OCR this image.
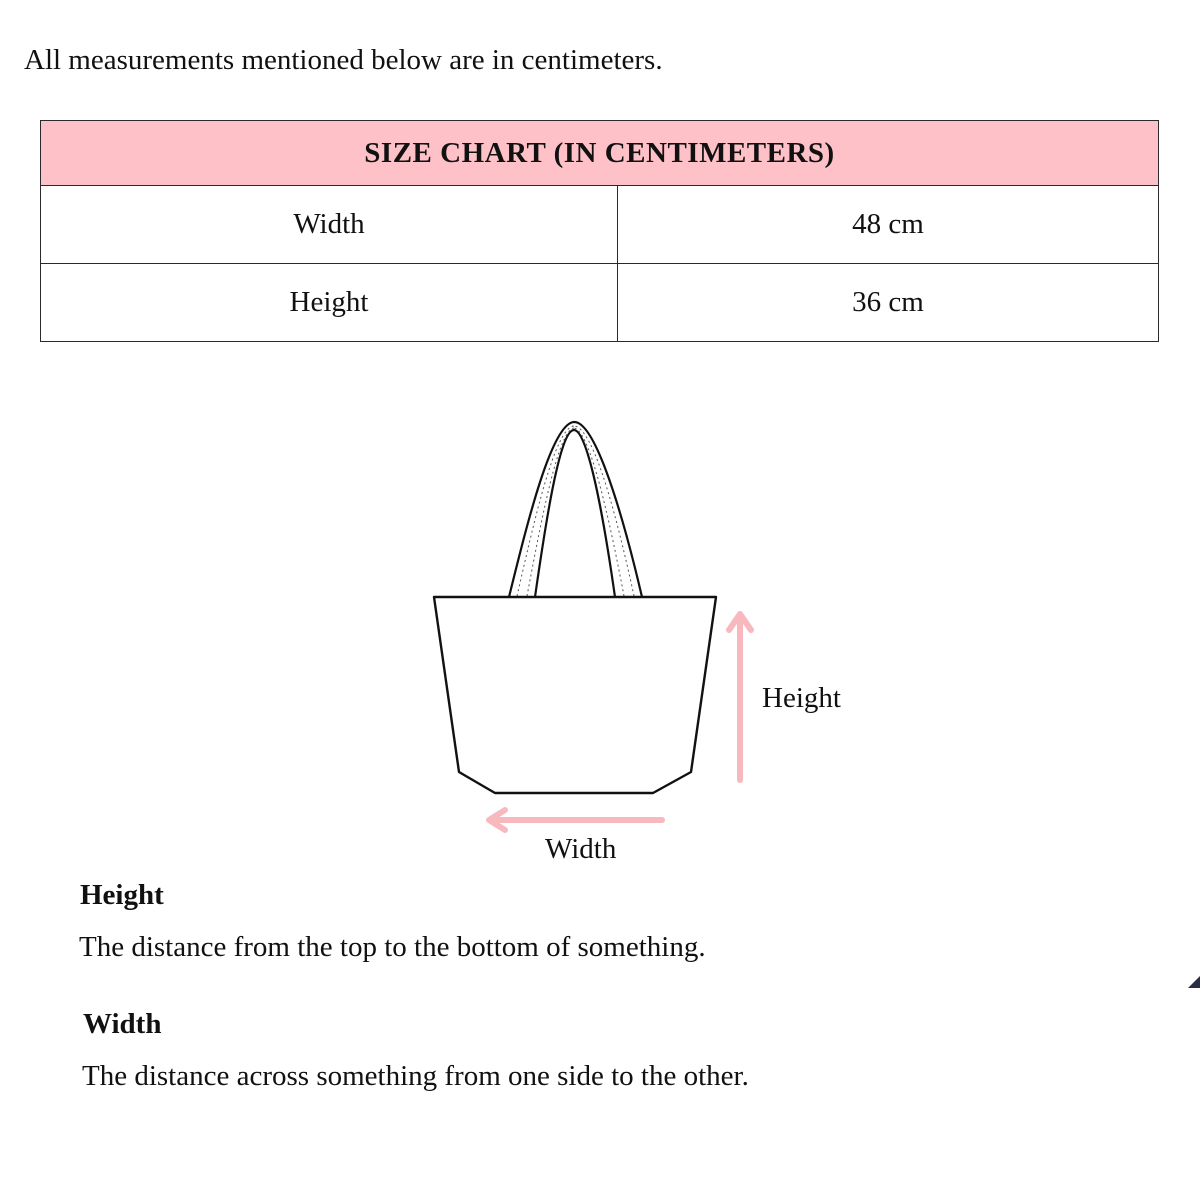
All measurements mentioned below are in centimeters.
SIZE CHART (IN CENTIMETERS)	
Width	48 cm
Height	36 cm
Height
Width
Height
The distance from the top to the bottom of something.
Width
The distance across something from one side to the other.
